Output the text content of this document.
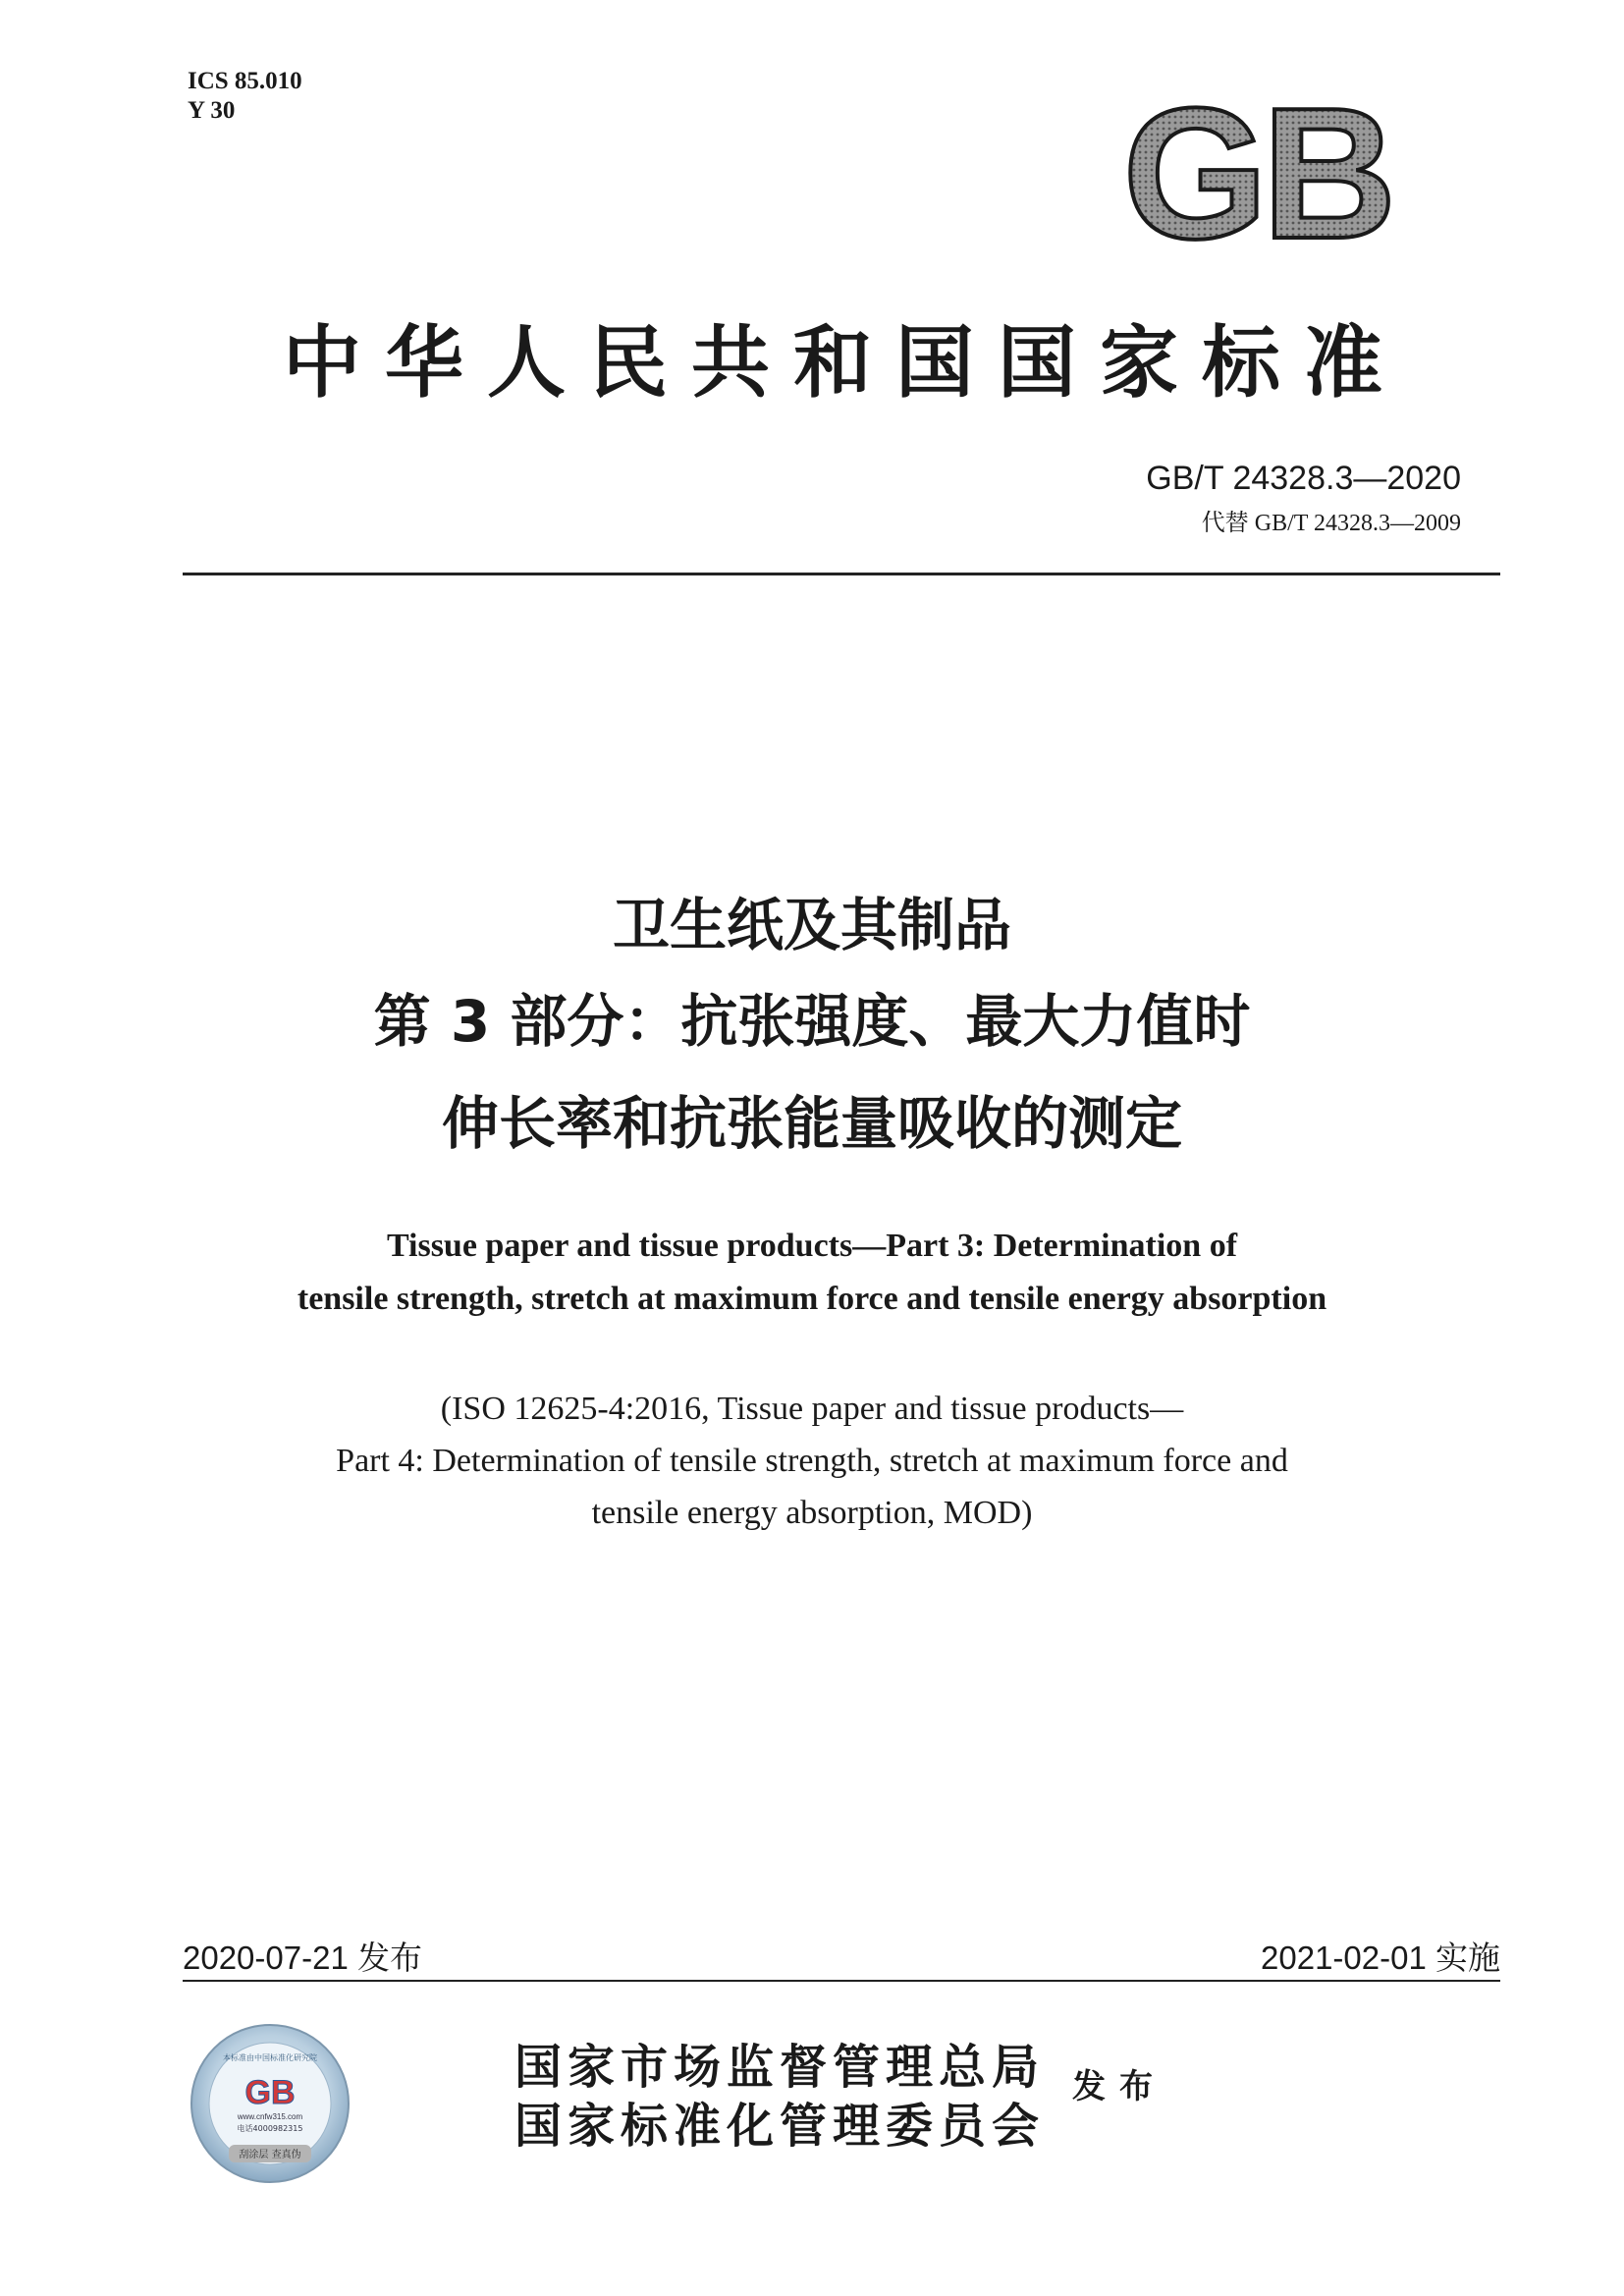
ICS 85.010
Y 30	GB
中华人民共和国国家标准
GB/T 24328.3—2020
代替 GB/T 24328.3—2009
卫生纸及其制品
第 3 部分：抗张强度、最大力值时
伸长率和抗张能量吸收的测定
Tissue paper and tissue products—Part 3: Determination of
tensile strength, stretch at maximum force and tensile energy absorption
(ISO 12625-4:2016, Tissue paper and tissue products—
Part 4: Determination of tensile strength, stretch at maximum force and
tensile energy absorption, MOD)
2020-07-21 发布	2021-02-01 实施
本标准由中国标准化研究院
GB
www.cnfw315.com
电话4000982315
刮涂层 查真伪
国家市场监督管理总局
国家标准化管理委员会
发布
